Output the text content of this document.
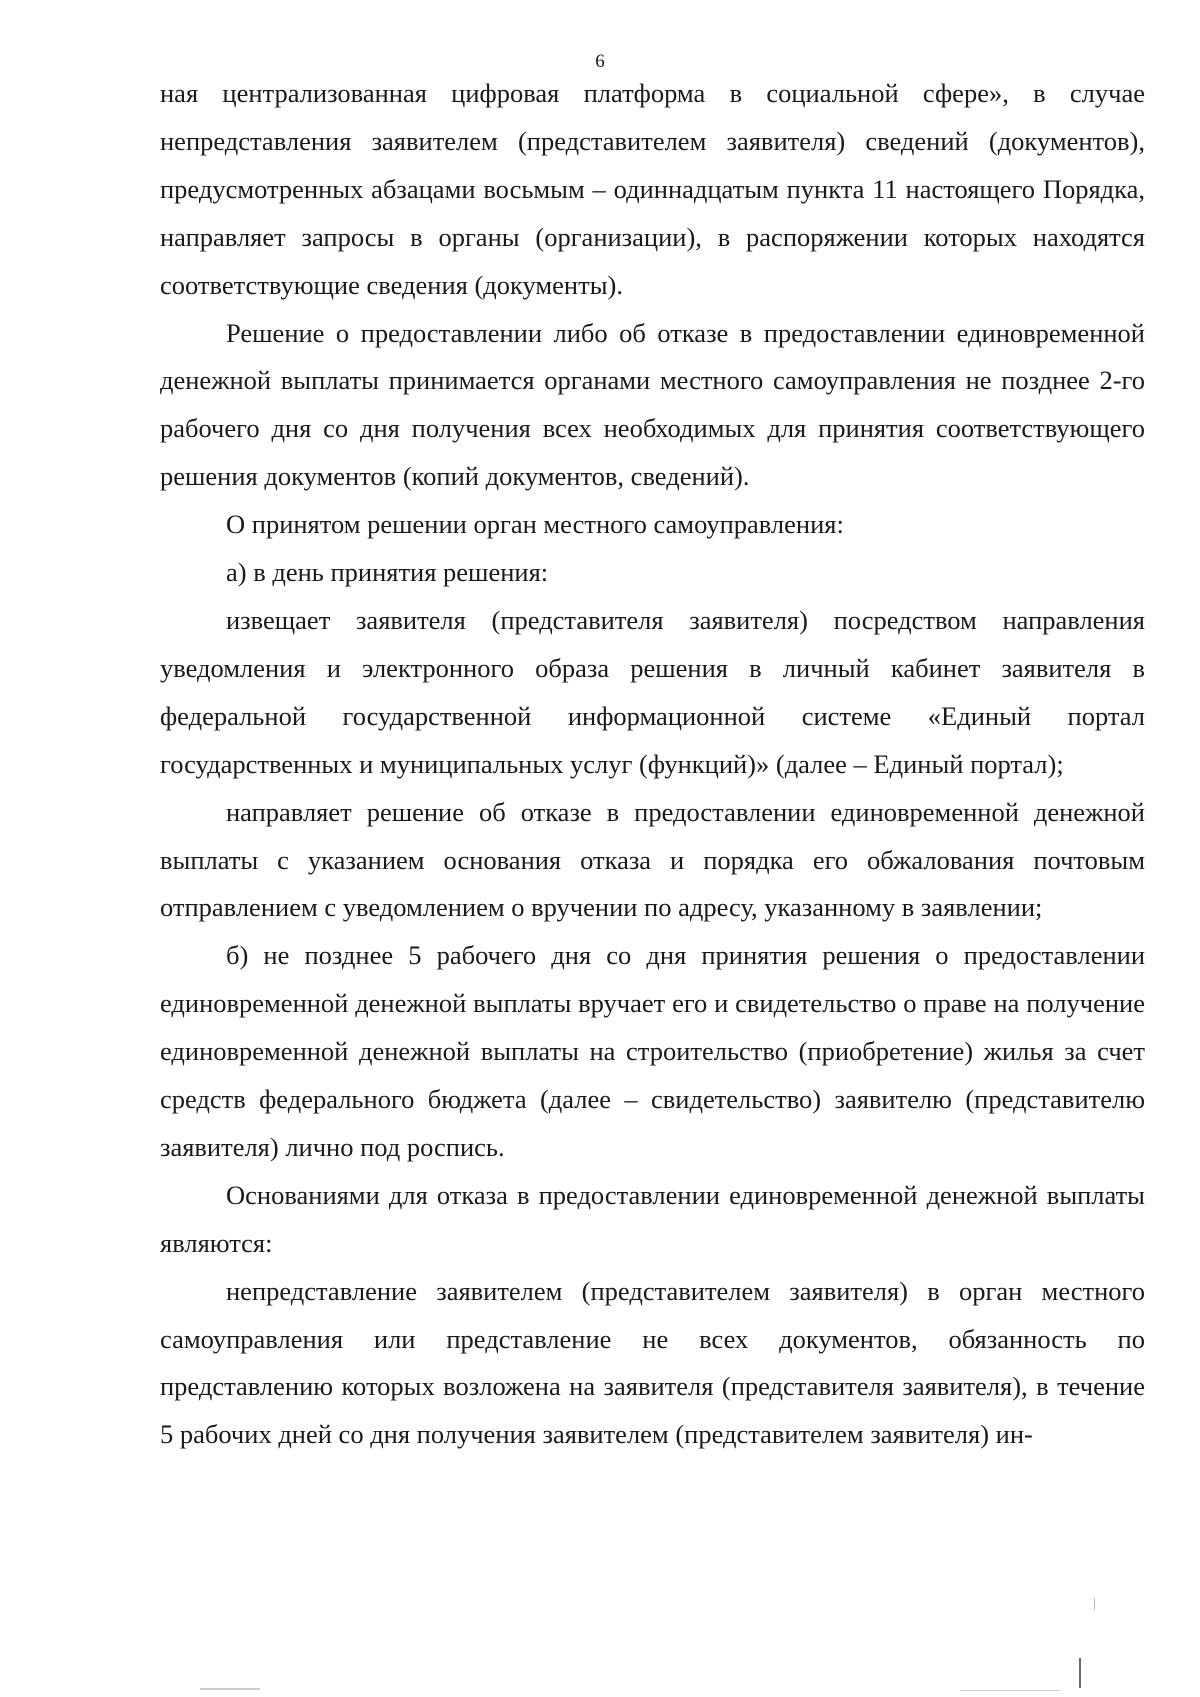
6

ная централизованная цифровая платформа в социальной сфере», в случае непредставления заявителем (представителем заявителя) сведений (документов), предусмотренных абзацами восьмым – одиннадцатым пункта 11 настоящего Порядка, направляет запросы в органы (организации), в распоряжении которых находятся соответствующие сведения (документы).

Решение о предоставлении либо об отказе в предоставлении единовременной денежной выплаты принимается органами местного самоуправления не позднее 2-го рабочего дня со дня получения всех необходимых для принятия соответствующего решения документов (копий документов, сведений).

О принятом решении орган местного самоуправления:

а) в день принятия решения:

извещает заявителя (представителя заявителя) посредством направления уведомления и электронного образа решения в личный кабинет заявителя в федеральной государственной информационной системе «Единый портал государственных и муниципальных услуг (функций)» (далее – Единый портал);

направляет решение об отказе в предоставлении единовременной денежной выплаты с указанием основания отказа и порядка его обжалования почтовым отправлением с уведомлением о вручении по адресу, указанному в заявлении;

б) не позднее 5 рабочего дня со дня принятия решения о предоставлении единовременной денежной выплаты вручает его и свидетельство о праве на получение единовременной денежной выплаты на строительство (приобретение) жилья за счет средств федерального бюджета (далее – свидетельство) заявителю (представителю заявителя) лично под роспись.

Основаниями для отказа в предоставлении единовременной денежной выплаты являются:

непредставление заявителем (представителем заявителя) в орган местного самоуправления или представление не всех документов, обязанность по представлению которых возложена на заявителя (представителя заявителя), в течение 5 рабочих дней со дня получения заявителем (представителем заявителя) ин-
